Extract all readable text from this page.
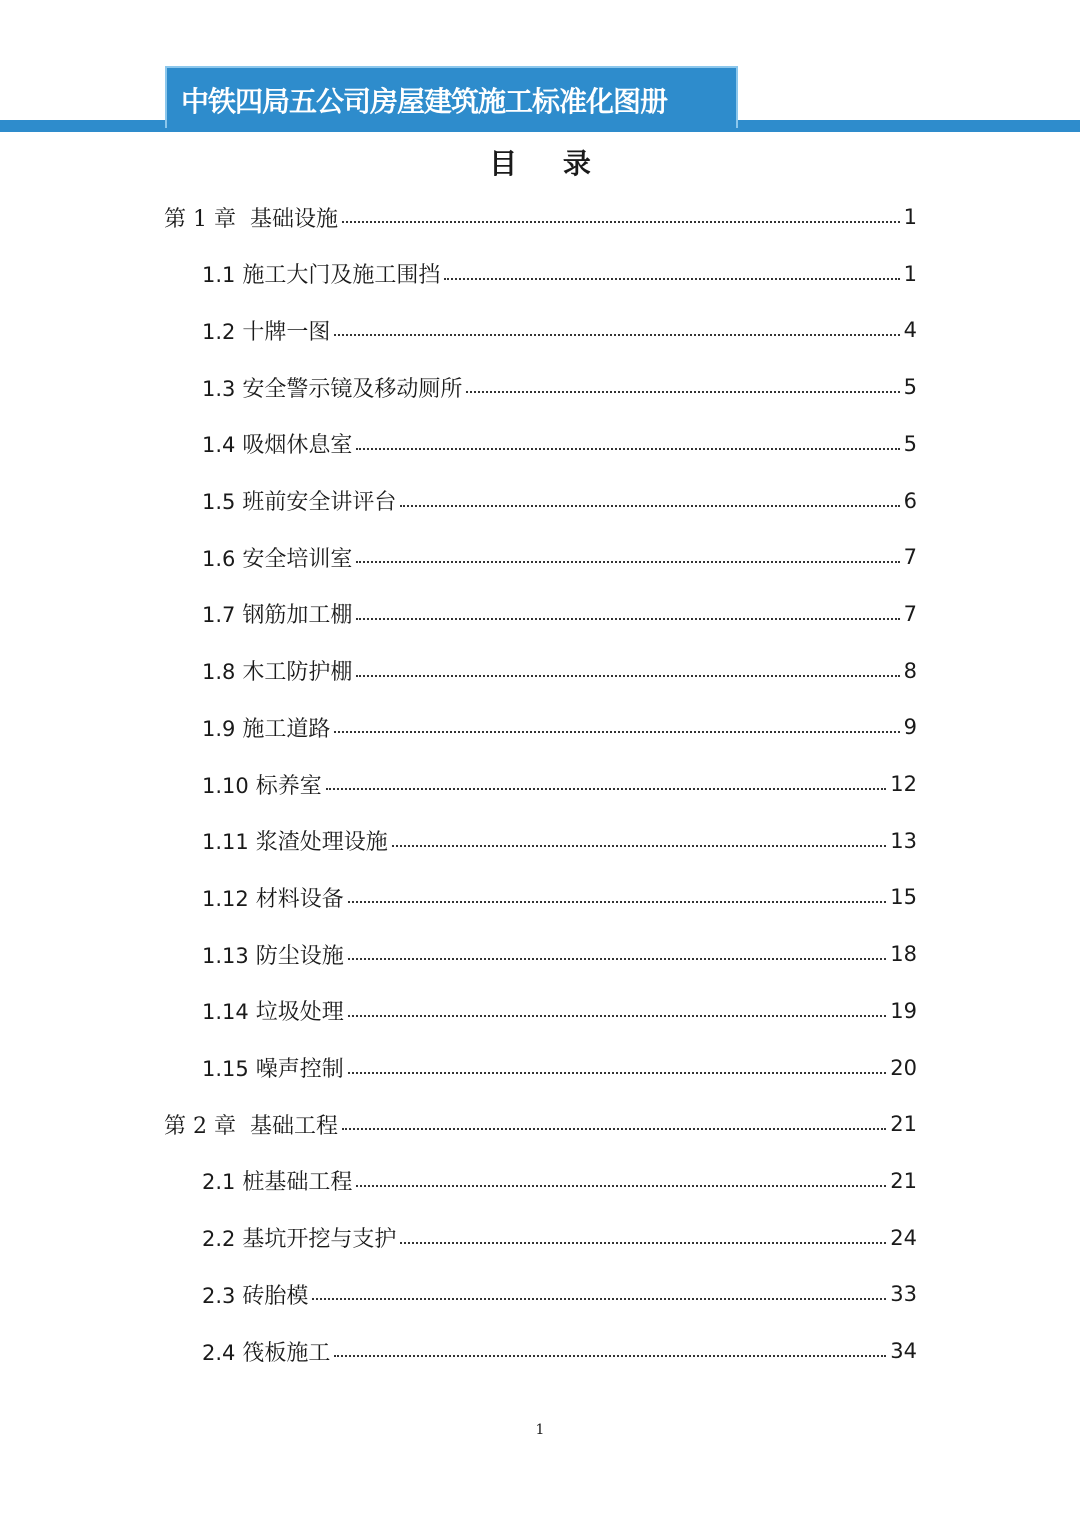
中铁四局五公司房屋建筑施工标准化图册
目 录
第 1 章 基础设施	1
1.1 施工大门及施工围挡	1
1.2 十牌一图	4
1.3 安全警示镜及移动厕所	5
1.4 吸烟休息室	5
1.5 班前安全讲评台	6
1.6 安全培训室	7
1.7 钢筋加工棚	7
1.8 木工防护棚	8
1.9 施工道路	9
1.10 标养室	12
1.11 浆渣处理设施	13
1.12 材料设备	15
1.13 防尘设施	18
1.14 垃圾处理	19
1.15 噪声控制	20
第 2 章 基础工程	21
2.1 桩基础工程	21
2.2 基坑开挖与支护	24
2.3 砖胎模	33
2.4 筏板施工	34
1
